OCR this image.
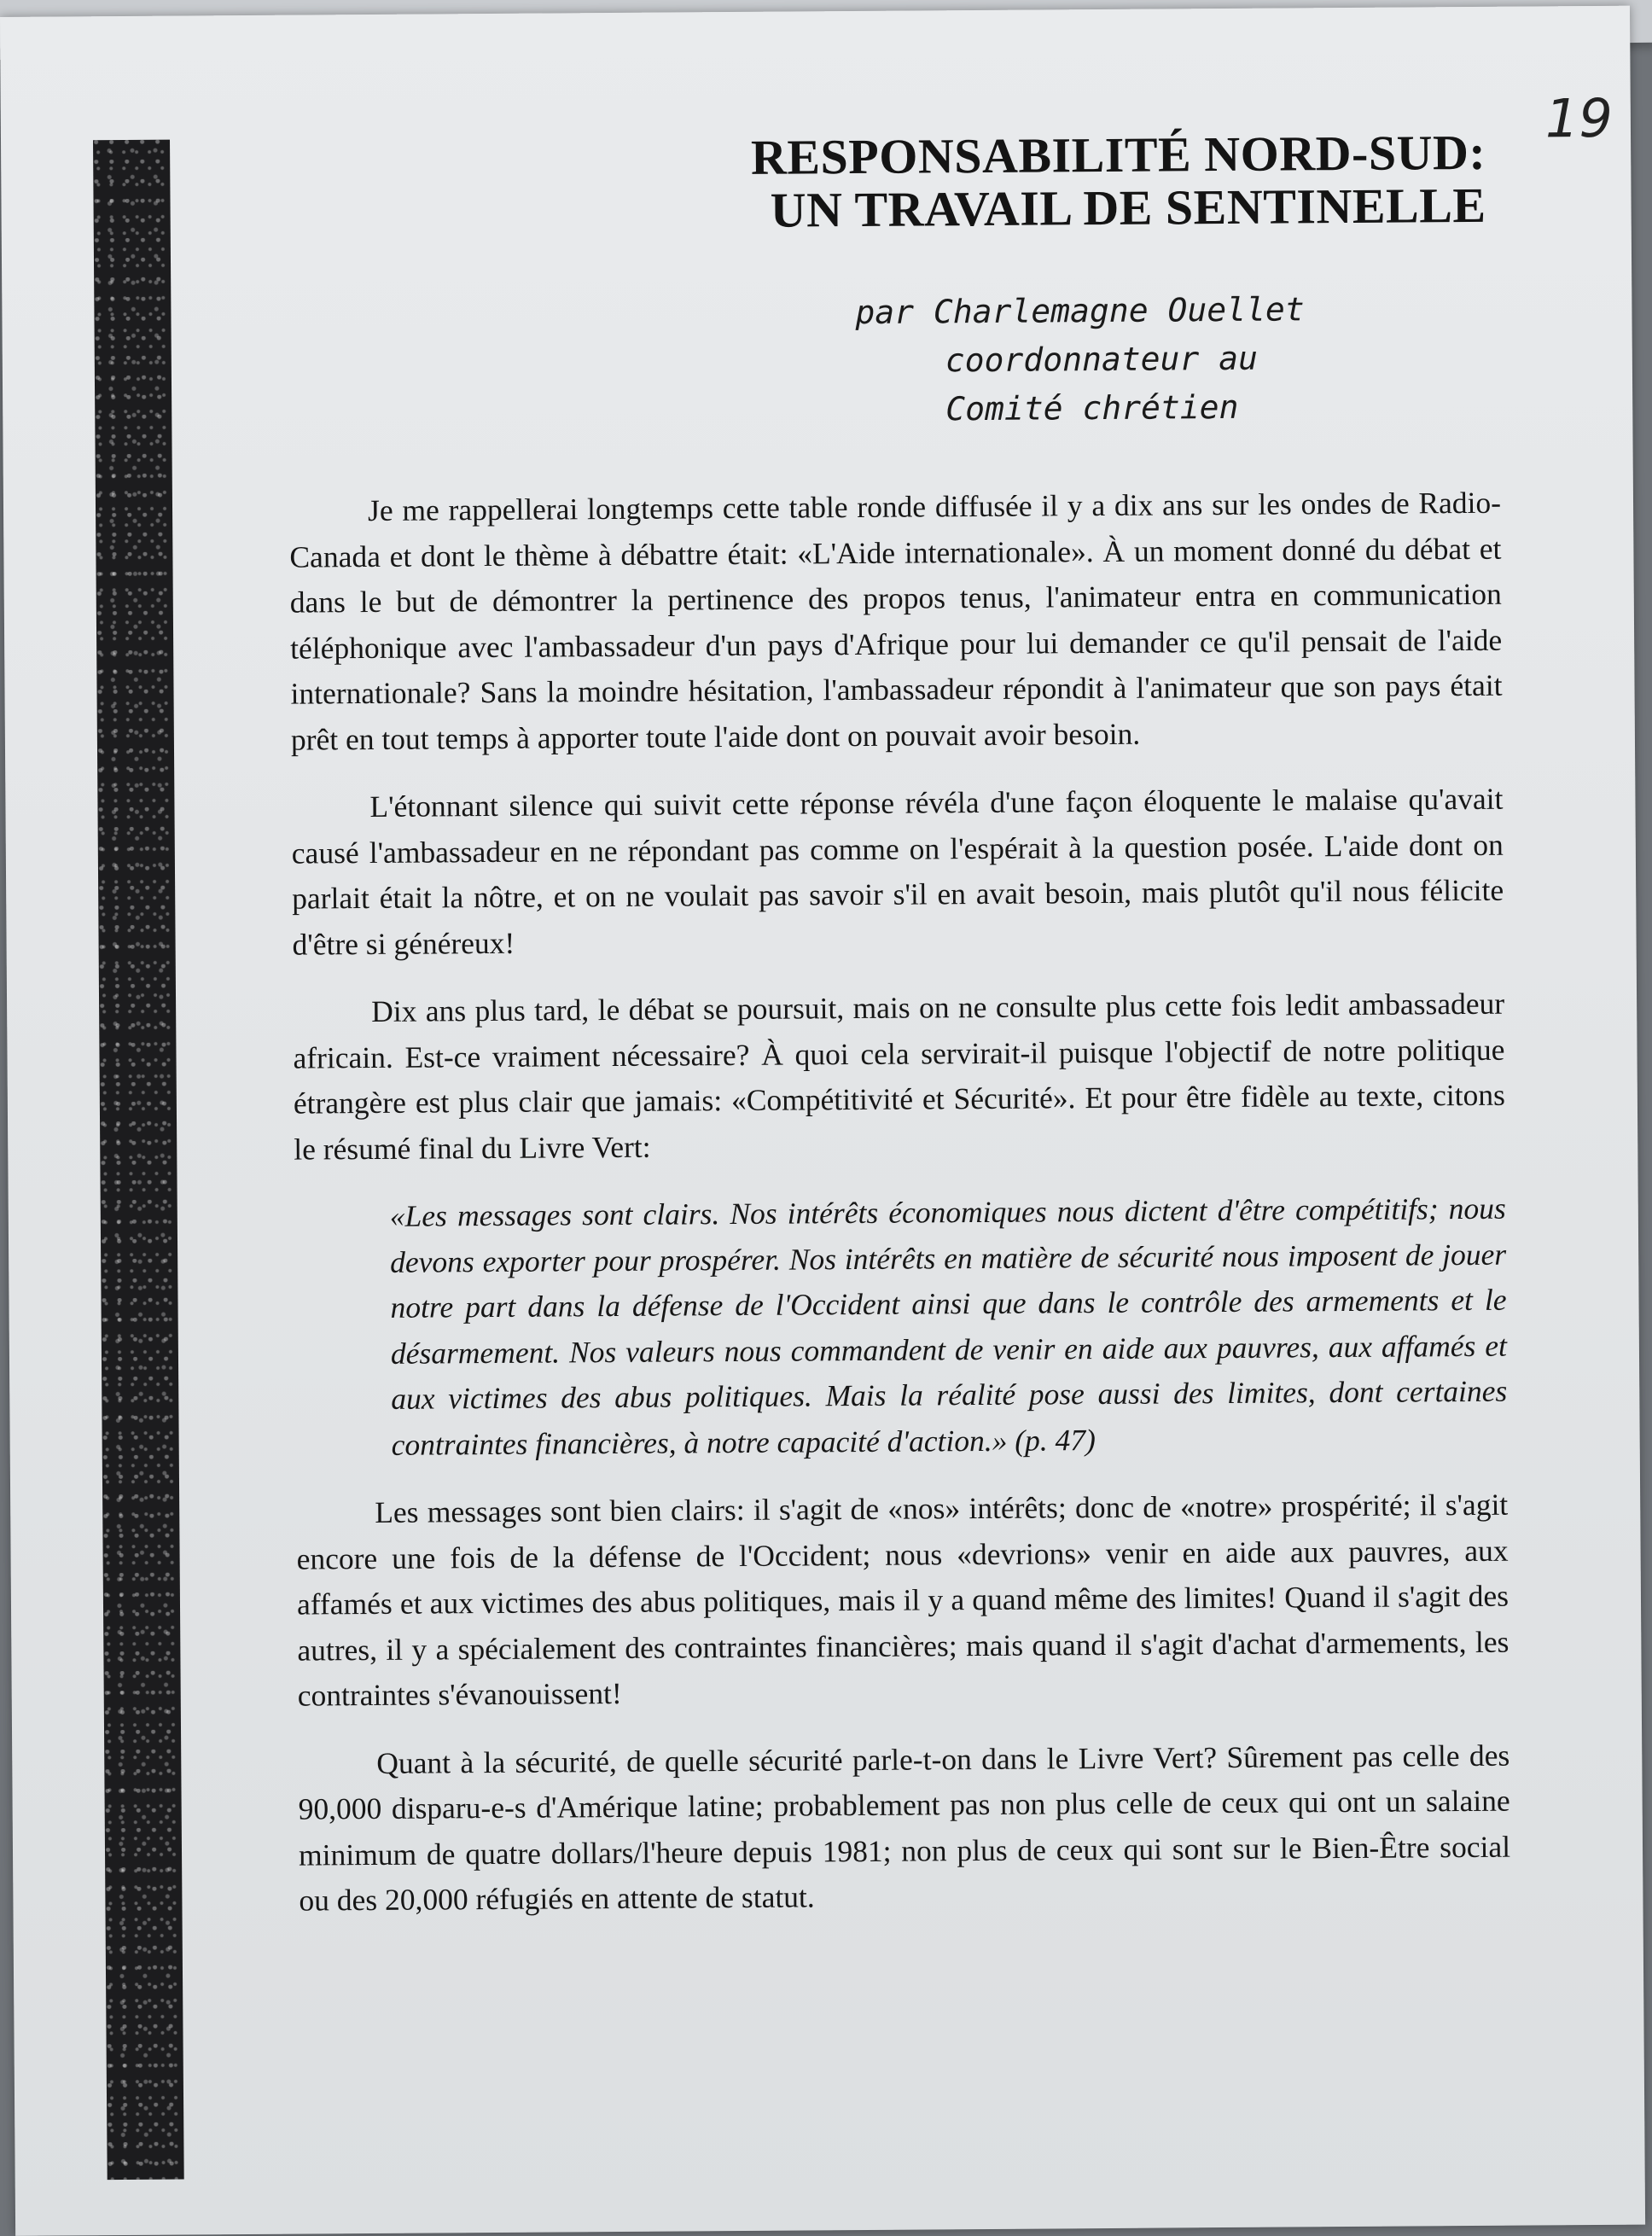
19
RESPONSABILITÉ NORD-SUD:
UN TRAVAIL DE SENTINELLE
par Charlemagne Ouellet
coordonnateur au
Comité chrétien

Je me rappellerai longtemps cette table ronde diffusée il y a dix ans sur les ondes de Radio-Canada et dont le thème à débattre était: «L'Aide internationale». À un moment donné du débat et dans le but de démontrer la pertinence des propos tenus, l'animateur entra en communication téléphonique avec l'ambassadeur d'un pays d'Afrique pour lui demander ce qu'il pensait de l'aide internationale? Sans la moindre hésitation, l'ambassadeur répondit à l'animateur que son pays était prêt en tout temps à apporter toute l'aide dont on pouvait avoir besoin.

L'étonnant silence qui suivit cette réponse révéla d'une façon éloquente le malaise qu'avait causé l'ambassadeur en ne répondant pas comme on l'espérait à la question posée. L'aide dont on parlait était la nôtre, et on ne voulait pas savoir s'il en avait besoin, mais plutôt qu'il nous félicite d'être si généreux!

Dix ans plus tard, le débat se poursuit, mais on ne consulte plus cette fois ledit ambassadeur africain. Est-ce vraiment nécessaire? À quoi cela servirait-il puisque l'objectif de notre politique étrangère est plus clair que jamais: «Compétitivité et Sécurité». Et pour être fidèle au texte, citons le résumé final du Livre Vert:

«Les messages sont clairs. Nos intérêts économiques nous dictent d'être compétitifs; nous devons exporter pour prospérer. Nos intérêts en matière de sécurité nous imposent de jouer notre part dans la défense de l'Occident ainsi que dans le contrôle des armements et le désarmement. Nos valeurs nous commandent de venir en aide aux pauvres, aux affamés et aux victimes des abus politiques. Mais la réalité pose aussi des limites, dont certaines contraintes financières, à notre capacité d'action.» (p. 47)

Les messages sont bien clairs: il s'agit de «nos» intérêts; donc de «notre» prospérité; il s'agit encore une fois de la défense de l'Occident; nous «devrions» venir en aide aux pauvres, aux affamés et aux victimes des abus politiques, mais il y a quand même des limites! Quand il s'agit des autres, il y a spécialement des contraintes financières; mais quand il s'agit d'achat d'armements, les contraintes s'évanouissent!

Quant à la sécurité, de quelle sécurité parle-t-on dans le Livre Vert? Sûrement pas celle des 90,000 disparu-e-s d'Amérique latine; probablement pas non plus celle de ceux qui ont un salaine minimum de quatre dollars/l'heure depuis 1981; non plus de ceux qui sont sur le Bien-Être social ou des 20,000 réfugiés en attente de statut.
